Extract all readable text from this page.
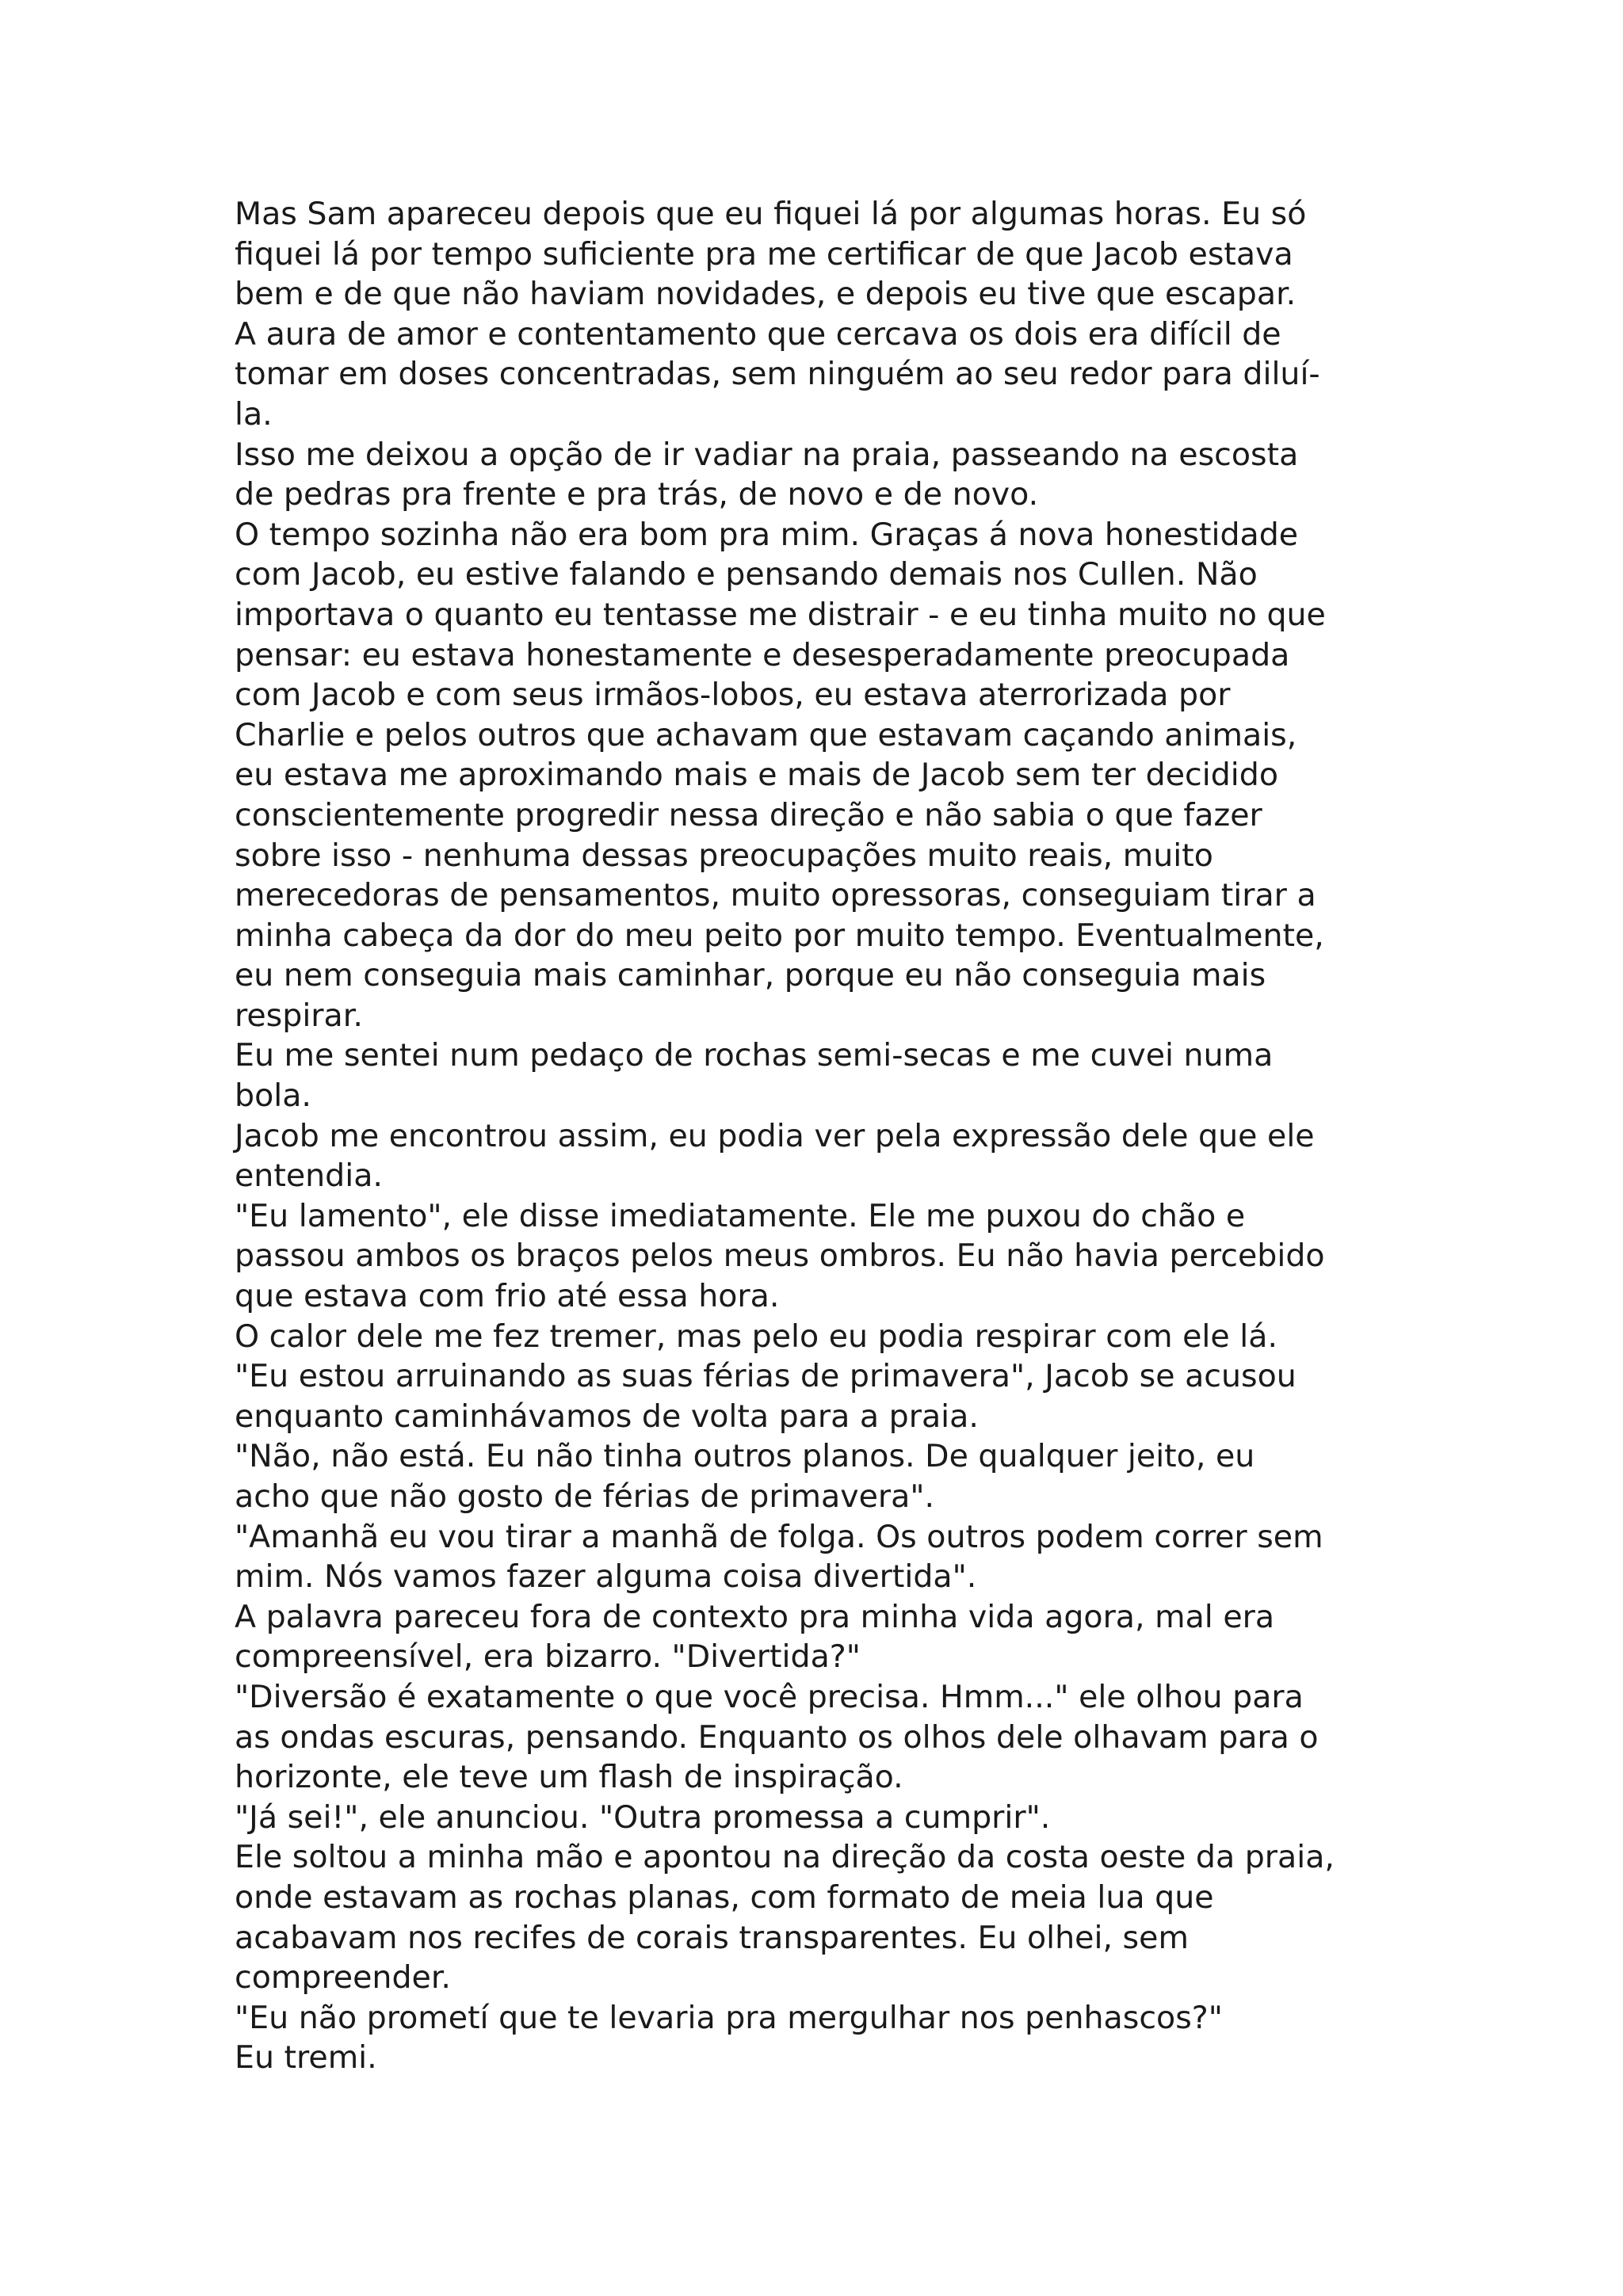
Mas Sam apareceu depois que eu fiquei lá por algumas horas. Eu só
fiquei lá por tempo suficiente pra me certificar de que Jacob estava
bem e de que não haviam novidades, e depois eu tive que escapar.
A aura de amor e contentamento que cercava os dois era difícil de
tomar em doses concentradas, sem ninguém ao seu redor para diluí-
la.
Isso me deixou a opção de ir vadiar na praia, passeando na escosta
de pedras pra frente e pra trás, de novo e de novo.
O tempo sozinha não era bom pra mim. Graças á nova honestidade
com Jacob, eu estive falando e pensando demais nos Cullen. Não
importava o quanto eu tentasse me distrair - e eu tinha muito no que
pensar: eu estava honestamente e desesperadamente preocupada
com Jacob e com seus irmãos-lobos, eu estava aterrorizada por
Charlie e pelos outros que achavam que estavam caçando animais,
eu estava me aproximando mais e mais de Jacob sem ter decidido
conscientemente progredir nessa direção e não sabia o que fazer
sobre isso - nenhuma dessas preocupações muito reais, muito
merecedoras de pensamentos, muito opressoras, conseguiam tirar a
minha cabeça da dor do meu peito por muito tempo. Eventualmente,
eu nem conseguia mais caminhar, porque eu não conseguia mais
respirar.
Eu me sentei num pedaço de rochas semi-secas e me cuvei numa
bola.
Jacob me encontrou assim, eu podia ver pela expressão dele que ele
entendia.
"Eu lamento", ele disse imediatamente. Ele me puxou do chão e
passou ambos os braços pelos meus ombros. Eu não havia percebido
que estava com frio até essa hora.
O calor dele me fez tremer, mas pelo eu podia respirar com ele lá.
"Eu estou arruinando as suas férias de primavera", Jacob se acusou
enquanto caminhávamos de volta para a praia.
"Não, não está. Eu não tinha outros planos. De qualquer jeito, eu
acho que não gosto de férias de primavera".
"Amanhã eu vou tirar a manhã de folga. Os outros podem correr sem
mim. Nós vamos fazer alguma coisa divertida".
A palavra pareceu fora de contexto pra minha vida agora, mal era
compreensível, era bizarro. "Divertida?"
"Diversão é exatamente o que você precisa. Hmm..." ele olhou para
as ondas escuras, pensando. Enquanto os olhos dele olhavam para o
horizonte, ele teve um flash de inspiração.
"Já sei!", ele anunciou. "Outra promessa a cumprir".
Ele soltou a minha mão e apontou na direção da costa oeste da praia,
onde estavam as rochas planas, com formato de meia lua que
acabavam nos recifes de corais transparentes. Eu olhei, sem
compreender.
"Eu não prometí que te levaria pra mergulhar nos penhascos?"
Eu tremi.
